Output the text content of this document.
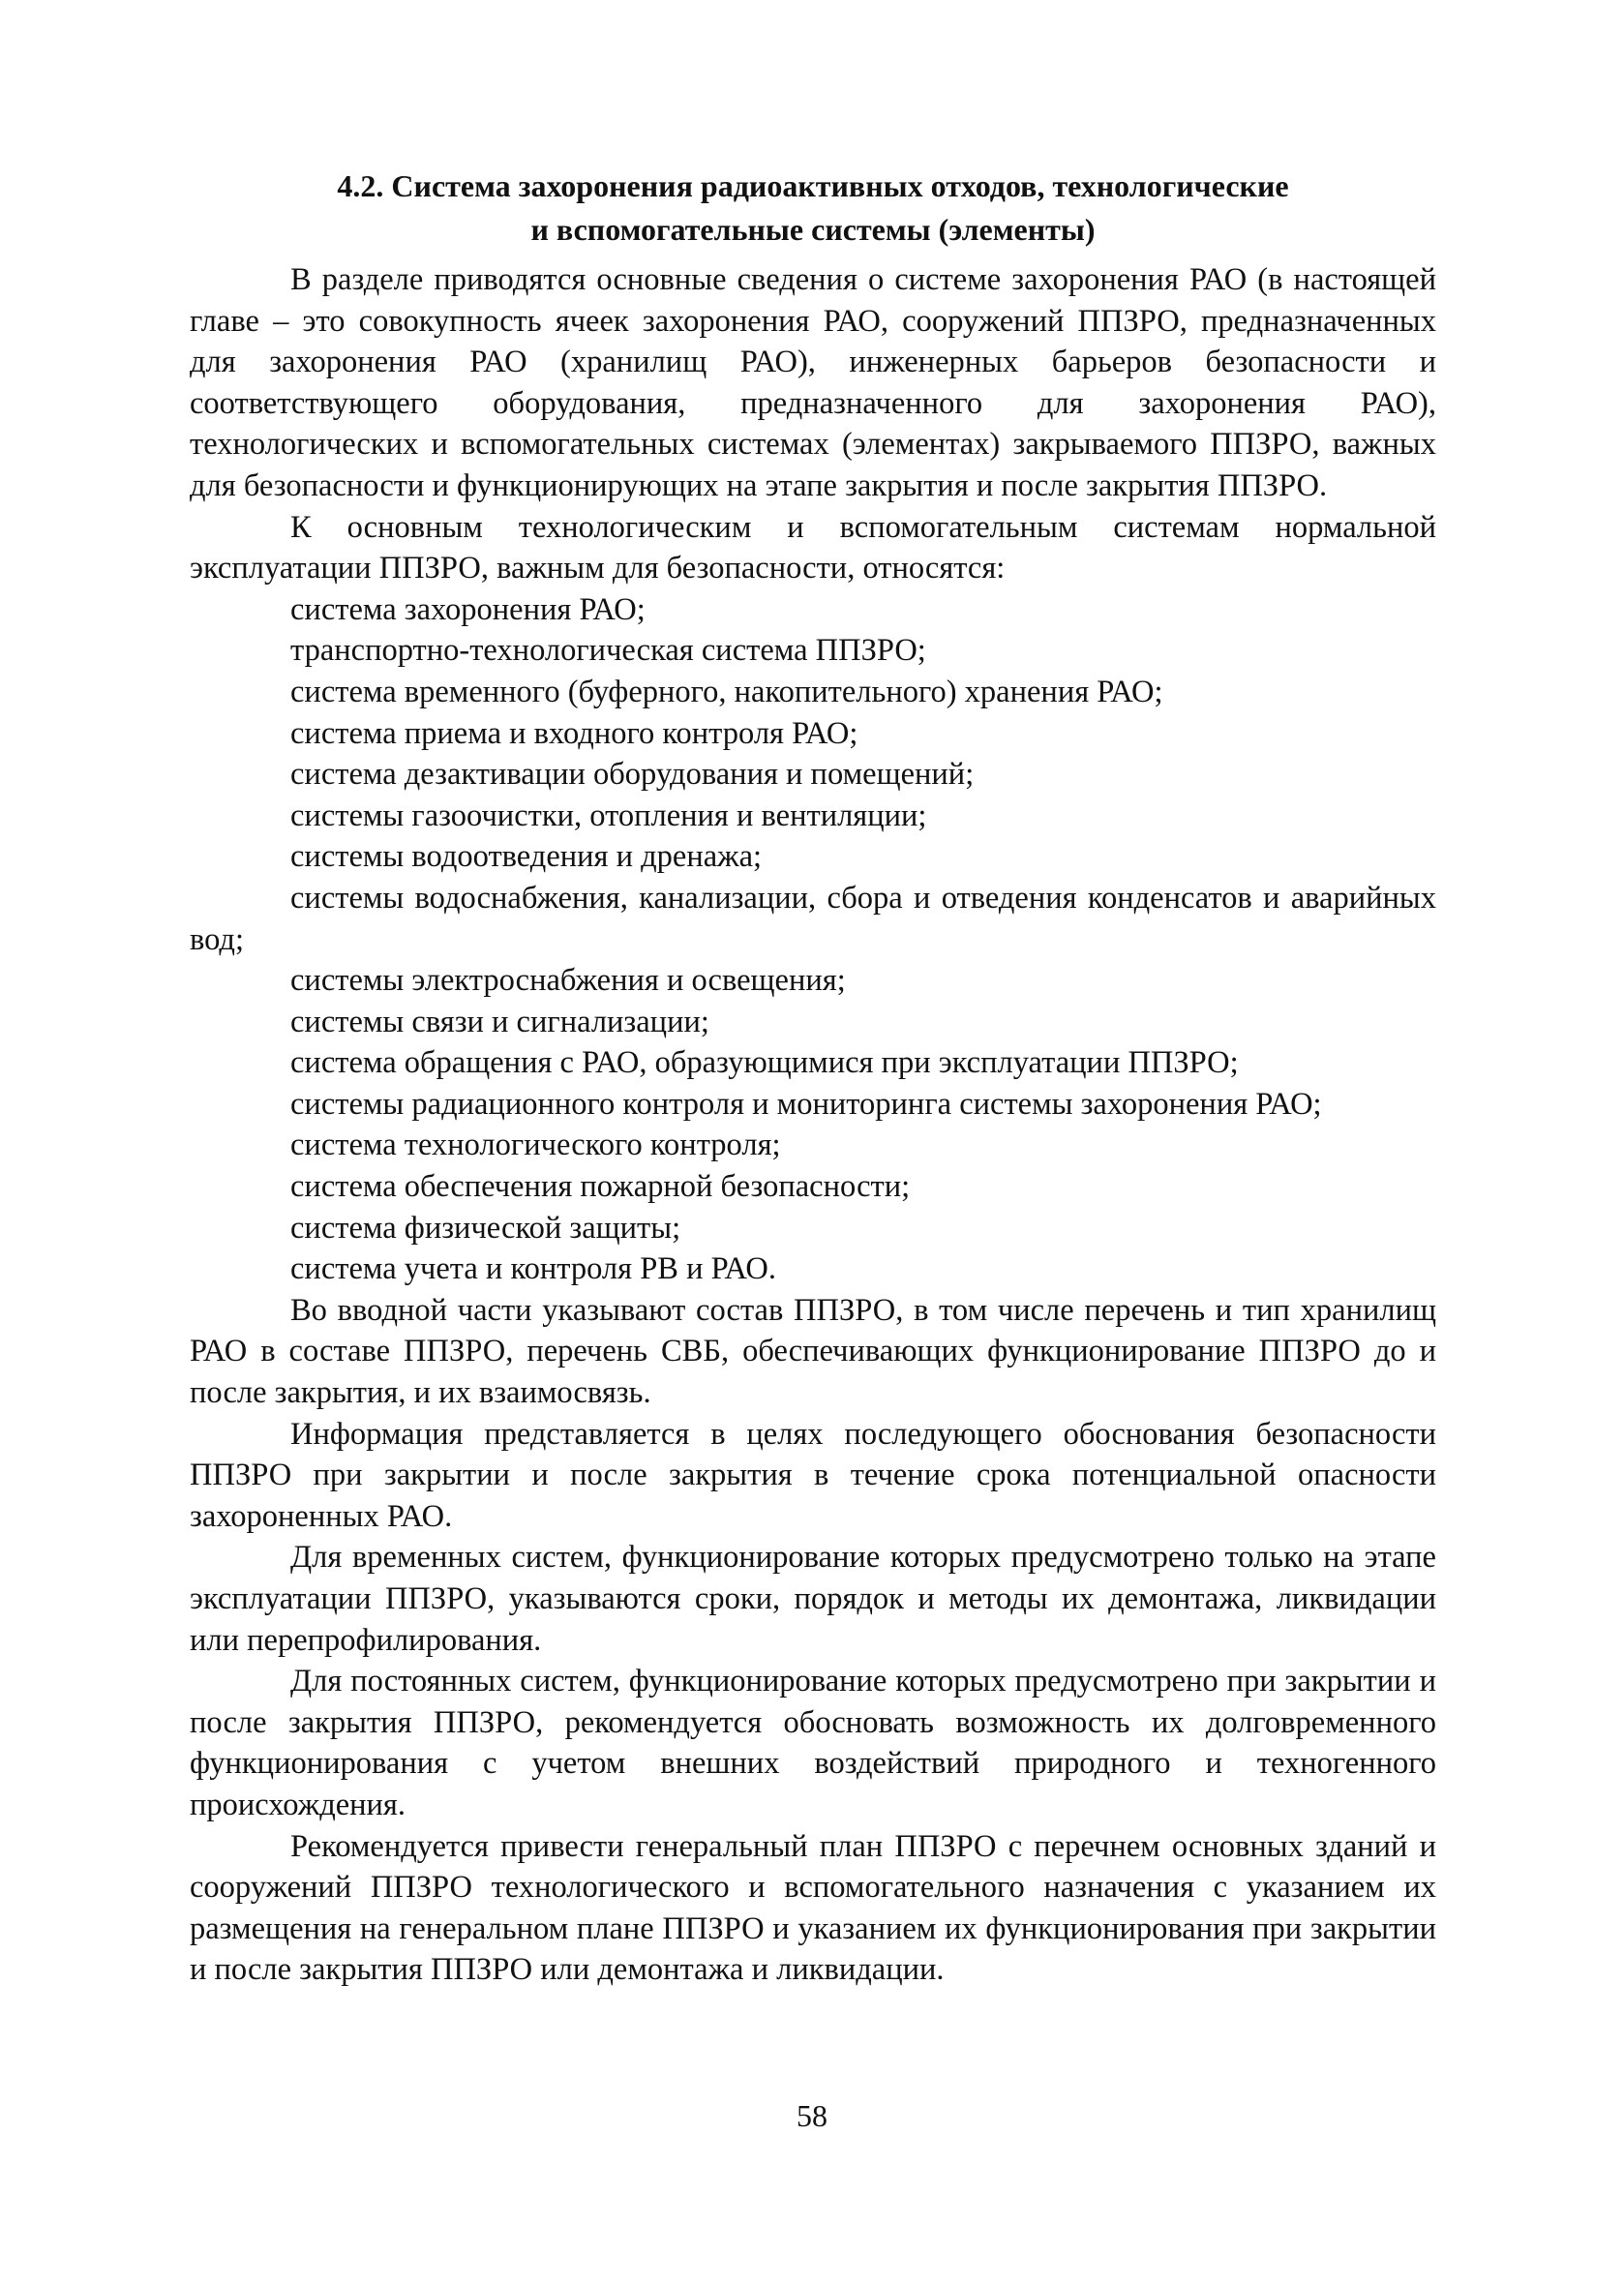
4.2. Система захоронения радиоактивных отходов, технологические
и вспомогательные системы (элементы)

В разделе приводятся основные сведения о системе захоронения РАО (в настоящей главе – это совокупность ячеек захоронения РАО, сооружений ППЗРО, предназначенных для захоронения РАО (хранилищ РАО), инженерных барьеров безопасности и соответствующего оборудования, предназначенного для захоронения РАО), технологических и вспомогательных системах (элементах) закрываемого ППЗРО, важных для безопасности и функционирующих на этапе закрытия и после закрытия ППЗРО.

К основным технологическим и вспомогательным системам нормальной эксплуатации ППЗРО, важным для безопасности, относятся:

система захоронения РАО;
транспортно-технологическая система ППЗРО;
система временного (буферного, накопительного) хранения РАО;
система приема и входного контроля РАО;
система дезактивации оборудования и помещений;
системы газоочистки, отопления и вентиляции;
системы водоотведения и дренажа;
системы водоснабжения, канализации, сбора и отведения конденсатов и аварийных вод;
системы электроснабжения и освещения;
системы связи и сигнализации;
система обращения с РАО, образующимися при эксплуатации ППЗРО;
системы радиационного контроля и мониторинга системы захоронения РАО;
система технологического контроля;
система обеспечения пожарной безопасности;
система физической защиты;
система учета и контроля РВ и РАО.

Во вводной части указывают состав ППЗРО, в том числе перечень и тип хранилищ РАО в составе ППЗРО, перечень СВБ, обеспечивающих функционирование ППЗРО до и после закрытия, и их взаимосвязь.

Информация представляется в целях последующего обоснования безопасности ППЗРО при закрытии и после закрытия в течение срока потенциальной опасности захороненных РАО.

Для временных систем, функционирование которых предусмотрено только на этапе эксплуатации ППЗРО, указываются сроки, порядок и методы их демонтажа, ликвидации или перепрофилирования.

Для постоянных систем, функционирование которых предусмотрено при закрытии и после закрытия ППЗРО, рекомендуется обосновать возможность их долговременного функционирования с учетом внешних воздействий природного и техногенного происхождения.

Рекомендуется привести генеральный план ППЗРО с перечнем основных зданий и сооружений ППЗРО технологического и вспомогательного назначения с указанием их размещения на генеральном плане ППЗРО и указанием их функционирования при закрытии и после закрытия ППЗРО или демонтажа и ликвидации.

58
